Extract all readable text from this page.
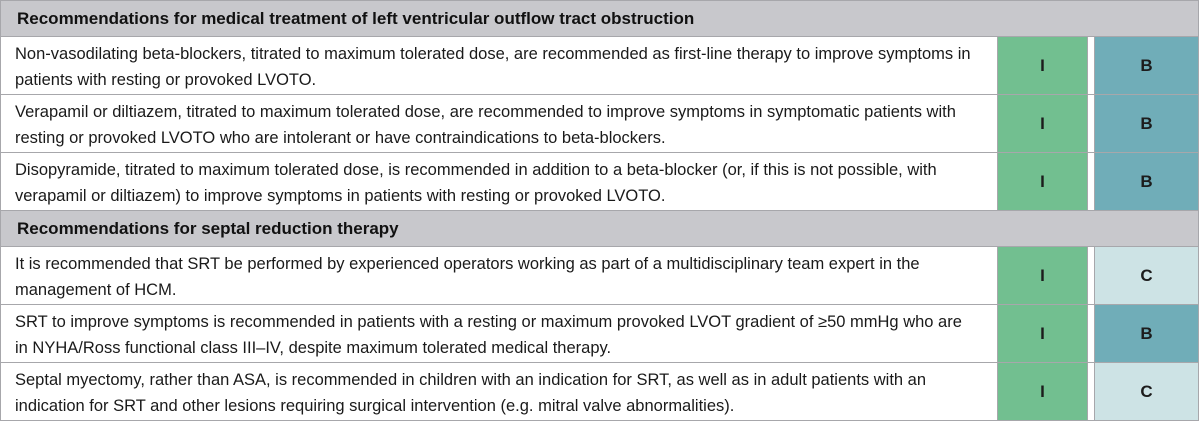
Recommendations for medical treatment of left ventricular outflow tract obstruction
Non-vasodilating beta-blockers, titrated to maximum tolerated dose, are recommended as first-line therapy to improve symptoms in patients with resting or provoked LVOTO.
I	B
Verapamil or diltiazem, titrated to maximum tolerated dose, are recommended to improve symptoms in symptomatic patients with resting or provoked LVOTO who are intolerant or have contraindications to beta-blockers.
I	B
Disopyramide, titrated to maximum tolerated dose, is recommended in addition to a beta-blocker (or, if this is not possible, with verapamil or diltiazem) to improve symptoms in patients with resting or provoked LVOTO.
I	B
Recommendations for septal reduction therapy
It is recommended that SRT be performed by experienced operators working as part of a multidisciplinary team expert in the management of HCM.
I	C
SRT to improve symptoms is recommended in patients with a resting or maximum provoked LVOT gradient of ≥50 mmHg who are in NYHA/Ross functional class III–IV, despite maximum tolerated medical therapy.
I	B
Septal myectomy, rather than ASA, is recommended in children with an indication for SRT, as well as in adult patients with an indication for SRT and other lesions requiring surgical intervention (e.g. mitral valve abnormalities).
I	C
